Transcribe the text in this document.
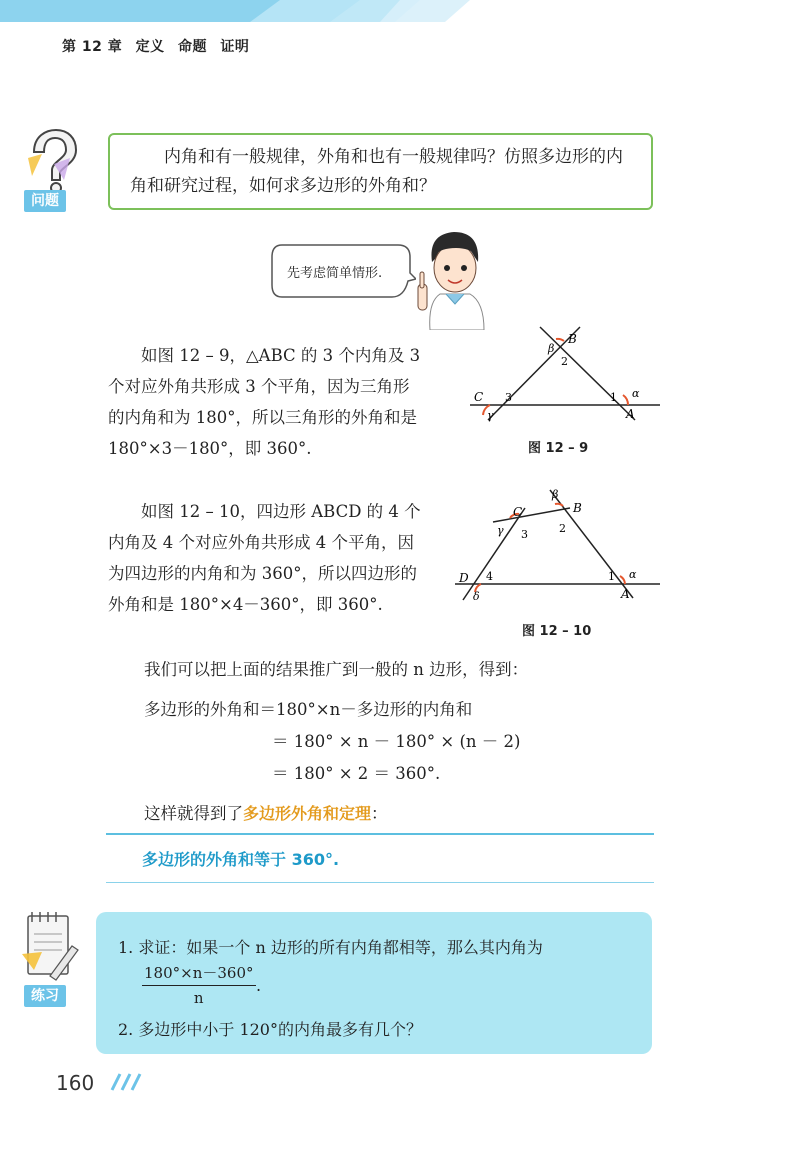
第 12 章 定义 命题 证明
问题

内角和有一般规律，外角和也有一般规律吗？仿照多边形的内角和研究过程，如何求多边形的外角和？

先考虑简单情形.

如图 12 – 9，△ABC 的 3 个内角及 3
个对应外角共形成 3 个平角，因为三角形
的内角和为 180°，所以三角形的外角和是
180°×3－180°，即 360°.

B
β
2
C 3
γ
1 α
A
图 12 – 9

如图 12 – 10，四边形 ABCD 的 4 个
内角及 4 个对应外角共形成 4 个平角，因
为四边形的内角和为 360°，所以四边形的
外角和是 180°×4－360°，即 360°.

C	B
β
γ 3	2
D 4
δ
1 α
A
图 12 – 10
我们可以把上面的结果推广到一般的 n 边形，得到：
多边形的外角和＝180°×n－多边形的内角和
＝ 180° × n － 180° × (n － 2)
＝ 180° × 2 ＝ 360°.
这样就得到了多边形外角和定理：
多边形的外角和等于 360°.
练习
1. 求证：如果一个 n 边形的所有内角都相等，那么其内角为
$\frac{180^\circ\times n-360^\circ}{n}$ .
2. 多边形中小于 120°的内角最多有几个？
160
